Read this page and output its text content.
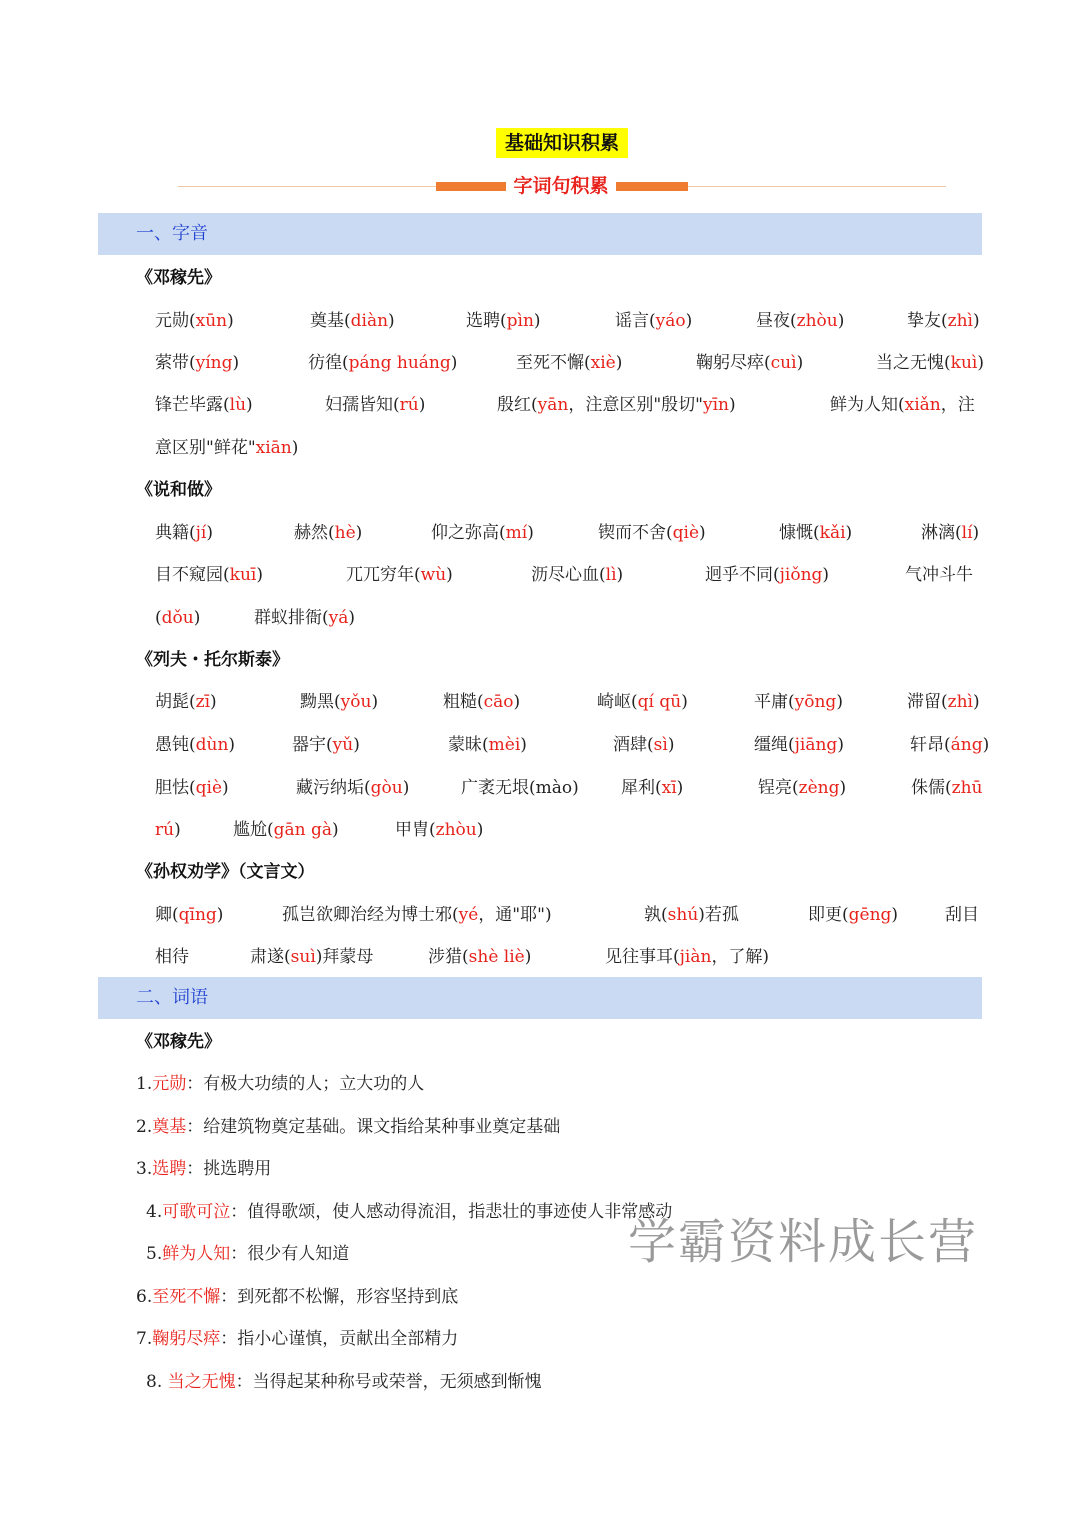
基础知识积累
字词句积累
一、字音
《邓稼先》
元勋(xūn)	奠基(diàn)	选聘(pìn)	谣言(yáo)	昼夜(zhòu)	挚友(zhì)
萦带(yíng)	彷徨(páng huáng)	至死不懈(xiè)	鞠躬尽瘁(cuì)	当之无愧(kuì)
锋芒毕露(lù)	妇孺皆知(rú)	殷红(yān，注意区别"殷切"yīn)	鲜为人知(xiǎn，注
意区别"鲜花"xiān)
《说和做》
典籍(jí)	赫然(hè)	仰之弥高(mí)	锲而不舍(qiè)	慷慨(kǎi)	淋漓(lí)
目不窥园(kuī)	兀兀穷年(wù)	沥尽心血(lì)	迥乎不同(jiǒng)	气冲斗牛
(dǒu)	群蚁排衙(yá)
《列夫・托尔斯泰》
胡髭(zī)	黝黑(yǒu)	粗糙(cāo)	崎岖(qí qū)	平庸(yōng)	滞留(zhì)
愚钝(dùn)	器宇(yǔ)	蒙昧(mèi)	酒肆(sì)	缰绳(jiāng)	轩昂(áng)
胆怯(qiè)	藏污纳垢(gòu)	广袤无垠(mào) 犀利(xī)	锃亮(zèng)	侏儒(zhū
rú)	尴尬(gān gà)	甲胄(zhòu)
《孙权劝学》（文言文）
卿(qīng)	孤岂欲卿治经为博士邪(yé，通"耶")	孰(shú)若孤	即更(gēng)	刮目
相待	肃遂(suì)拜蒙母	涉猎(shè liè)	见往事耳(jiàn，了解)
二、词语
《邓稼先》
1.元勋：有极大功绩的人；立大功的人
2.奠基：给建筑物奠定基础。课文指给某种事业奠定基础
3.选聘：挑选聘用
4.可歌可泣：值得歌颂，使人感动得流泪，指悲壮的事迹使人非常感动
5.鲜为人知：很少有人知道
6.至死不懈：到死都不松懈，形容坚持到底
7.鞠躬尽瘁：指小心谨慎，贡献出全部精力
8. 当之无愧：当得起某种称号或荣誉，无须感到惭愧
学霸资料成长营
